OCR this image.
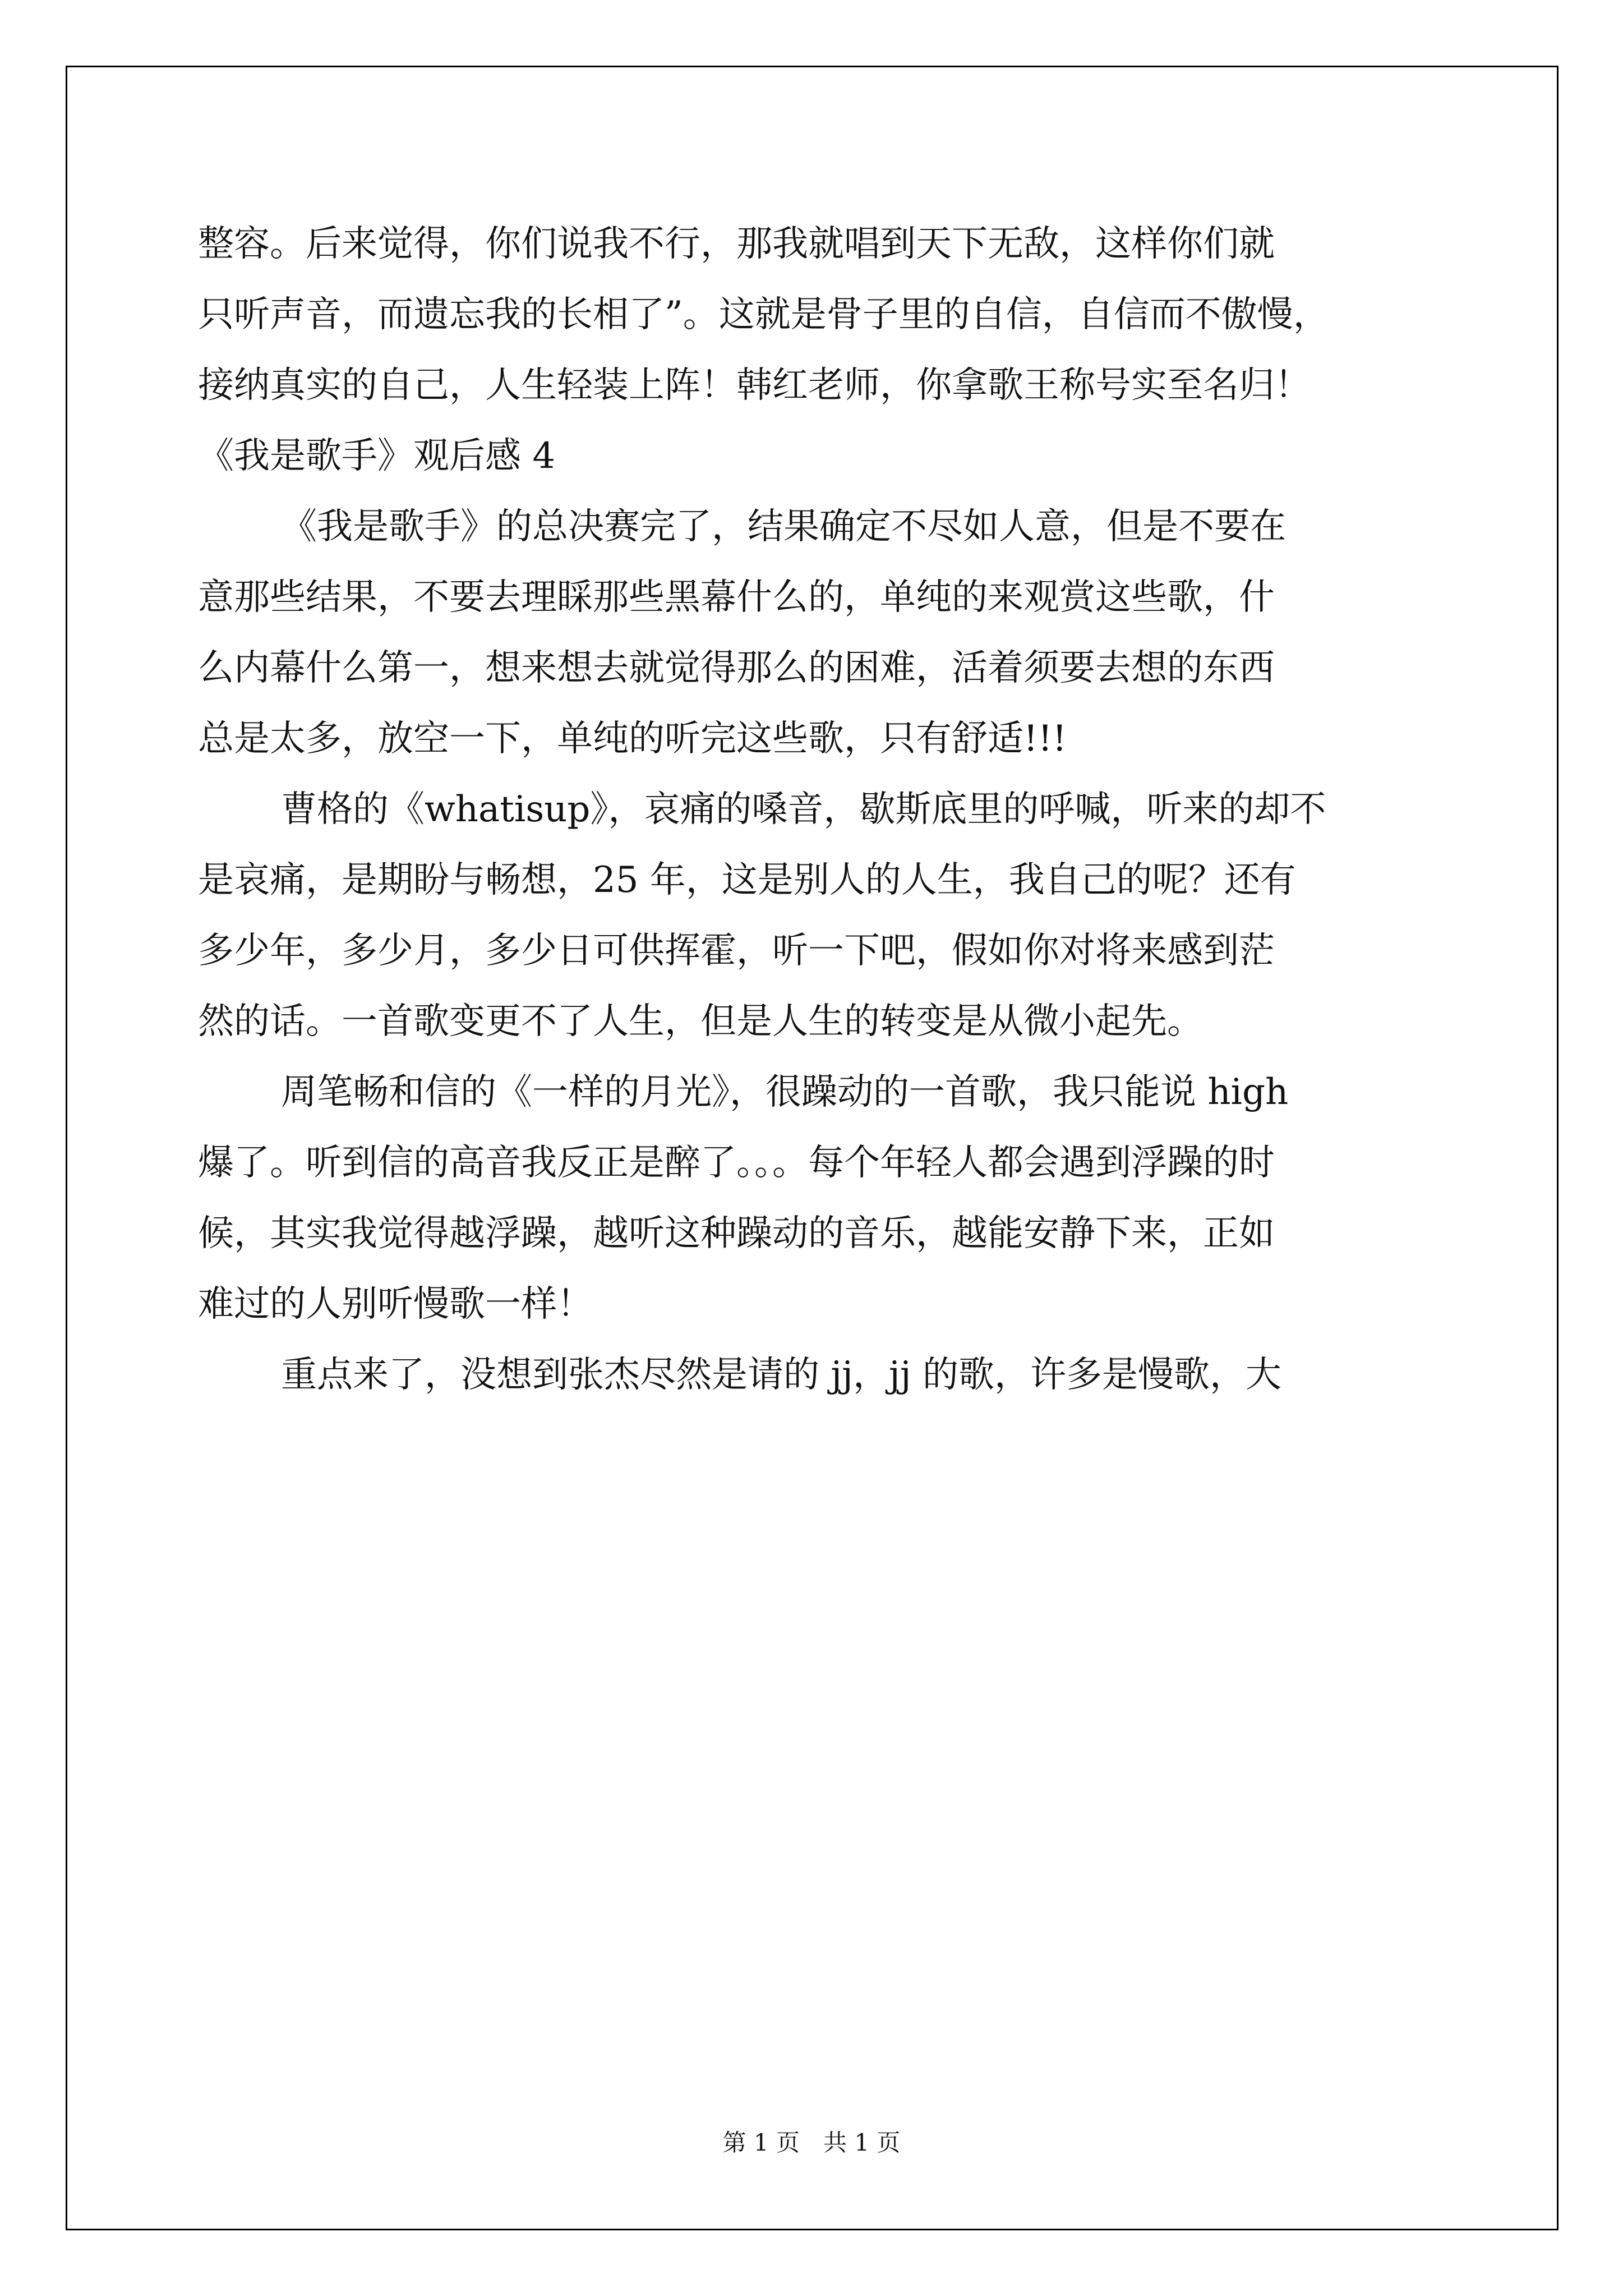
整容。后来觉得，你们说我不行，那我就唱到天下无敌，这样你们就
只听声音，而遗忘我的长相了”。这就是骨子里的自信，自信而不傲慢，
接纳真实的自己，人生轻装上阵！韩红老师，你拿歌王称号实至名归！
《我是歌手》观后感 4
《我是歌手》的总决赛完了，结果确定不尽如人意，但是不要在
意那些结果，不要去理睬那些黑幕什么的，单纯的来观赏这些歌，什
么内幕什么第一，想来想去就觉得那么的困难，活着须要去想的东西
总是太多，放空一下，单纯的听完这些歌，只有舒适!!!
曹格的《whatisup》，哀痛的嗓音，歇斯底里的呼喊，听来的却不
是哀痛，是期盼与畅想，25 年，这是别人的人生，我自己的呢？还有
多少年，多少月，多少日可供挥霍，听一下吧，假如你对将来感到茫
然的话。一首歌变更不了人生，但是人生的转变是从微小起先。
周笔畅和信的《一样的月光》，很躁动的一首歌，我只能说 high
爆了。听到信的高音我反正是醉了。。。每个年轻人都会遇到浮躁的时
候，其实我觉得越浮躁，越听这种躁动的音乐，越能安静下来，正如
难过的人别听慢歌一样！
重点来了，没想到张杰尽然是请的 jj，jj 的歌，许多是慢歌，大
第 1 页　共 1 页
